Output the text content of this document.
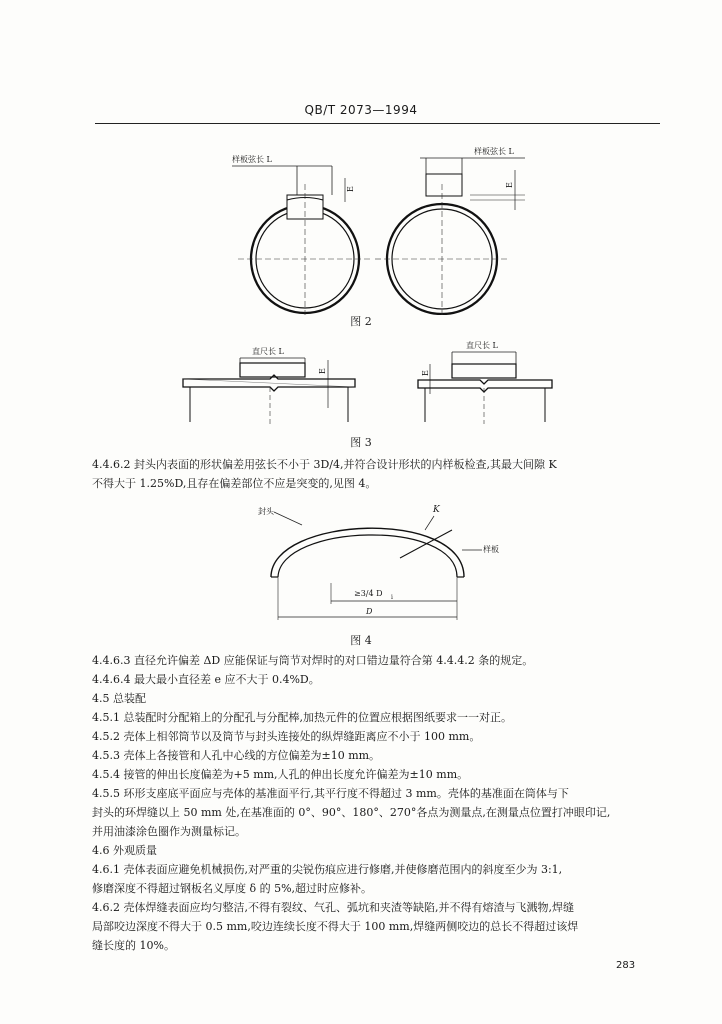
QB/T 2073—1994
样板弦长 L
E
样板弦长 L
E
图 2
直尺长 L
E
直尺长 L
E
图 3
4.4.6.2 封头内表面的形状偏差用弦长不小于 3D/4,并符合设计形状的内样板检查,其最大间隙 K
不得大于 1.25%D,且存在偏差部位不应是突变的,见图 4。
封头	K
样板
≥3/4 D i
D
图 4
4.4.6.3 直径允许偏差 ΔD 应能保证与筒节对焊时的对口错边量符合第 4.4.4.2 条的规定。
4.4.6.4 最大最小直径差 e 应不大于 0.4%D。
4.5 总装配
4.5.1 总装配时分配箱上的分配孔与分配棒,加热元件的位置应根据图纸要求一一对正。
4.5.2 壳体上相邻筒节以及筒节与封头连接处的纵焊缝距离应不小于 100 mm。
4.5.3 壳体上各接管和人孔中心线的方位偏差为±10 mm。
4.5.4 接管的伸出长度偏差为+5 mm,人孔的伸出长度允许偏差为±10 mm。
4.5.5 环形支座底平面应与壳体的基准面平行,其平行度不得超过 3 mm。壳体的基准面在筒体与下
封头的环焊缝以上 50 mm 处,在基准面的 0°、90°、180°、270°各点为测量点,在测量点位置打冲眼印记,
并用油漆涂色圈作为测量标记。
4.6 外观质量
4.6.1 壳体表面应避免机械损伤,对严重的尖锐伤痕应进行修磨,并使修磨范围内的斜度至少为 3:1,
修磨深度不得超过钢板名义厚度 δ 的 5%,超过时应修补。
4.6.2 壳体焊缝表面应均匀整洁,不得有裂纹、气孔、弧坑和夹渣等缺陷,并不得有熔渣与飞溅物,焊缝
局部咬边深度不得大于 0.5 mm,咬边连续长度不得大于 100 mm,焊缝两侧咬边的总长不得超过该焊
缝长度的 10%。
283
